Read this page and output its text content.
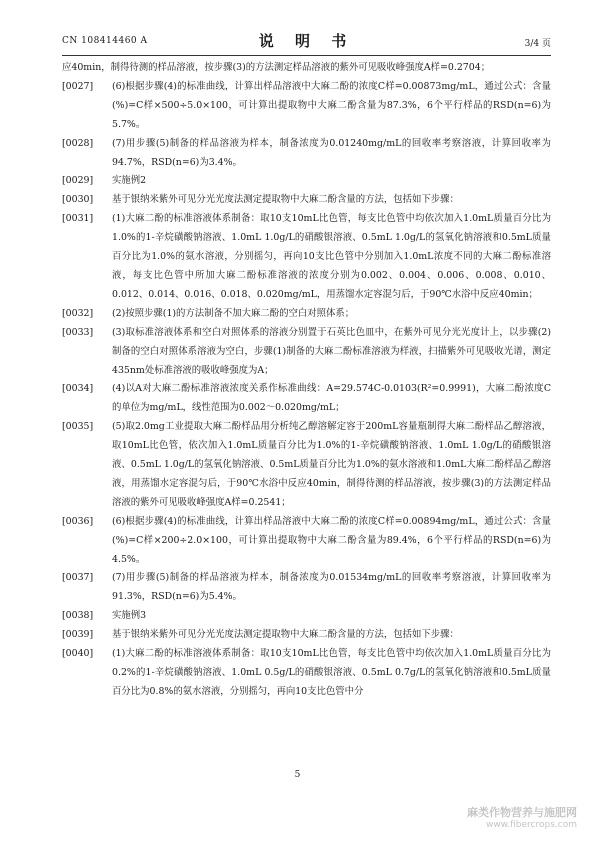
CN 108414460 A	说 明 书	3/4 页
应40min，制得待测的样品溶液，按步骤(3)的方法测定样品溶液的紫外可见吸收峰强度A样=0.2704；
[0027] (6)根据步骤(4)的标准曲线，计算出样品溶液中大麻二酚的浓度C样=0.00873mg/mL，通过公式：含量(%)=C样×500÷5.0×100，可计算出提取物中大麻二酚含量为87.3%，6个平行样品的RSD(n=6)为5.7%。
[0028] (7)用步骤(5)制备的样品溶液为样本，制备浓度为0.01240mg/mL的回收率考察溶液，计算回收率为94.7%，RSD(n=6)为3.4%。
[0029] 实施例2
[0030] 基于银纳米紫外可见分光光度法测定提取物中大麻二酚含量的方法，包括如下步骤：
[0031] (1)大麻二酚的标准溶液体系制备：取10支10mL比色管，每支比色管中均依次加入1.0mL质量百分比为1.0%的1-辛烷磺酸钠溶液、1.0mL 1.0g/L的硝酸银溶液、0.5mL 1.0g/L的氢氧化钠溶液和0.5mL质量百分比为1.0%的氨水溶液，分别摇匀，再向10支比色管中分别加入1.0mL浓度不同的大麻二酚标准溶液，每支比色管中所加大麻二酚标准溶液的浓度分别为0.002、0.004、0.006、0.008、0.010、0.012、0.014、0.016、0.018、0.020mg/mL，用蒸馏水定容混匀后，于90℃水浴中反应40min；
[0032] (2)按照步骤(1)的方法制备不加大麻二酚的空白对照体系；
[0033] (3)取标准溶液体系和空白对照体系的溶液分别置于石英比色皿中，在紫外可见分光光度计上，以步骤(2)制备的空白对照体系溶液为空白，步骤(1)制备的大麻二酚标准溶液为样液，扫描紫外可见吸收光谱，测定435nm处标准溶液的吸收峰强度为A；
[0034] (4)以A对大麻二酚标准溶液浓度关系作标准曲线：A=29.574C-0.0103(R²=0.9991)，大麻二酚浓度C的单位为mg/mL，线性范围为0.002～0.020mg/mL；
[0035] (5)取2.0mg工业提取大麻二酚样品用分析纯乙醇溶解定容于200mL容量瓶制得大麻二酚样品乙醇溶液，取10mL比色管，依次加入1.0mL质量百分比为1.0%的1-辛烷磺酸钠溶液、1.0mL 1.0g/L的硝酸银溶液、0.5mL 1.0g/L的氢氧化钠溶液、0.5mL质量百分比为1.0%的氨水溶液和1.0mL大麻二酚样品乙醇溶液，用蒸馏水定容混匀后，于90℃水浴中反应40min，制得待测的样品溶液，按步骤(3)的方法测定样品溶液的紫外可见吸收峰强度A样=0.2541；
[0036] (6)根据步骤(4)的标准曲线，计算出样品溶液中大麻二酚的浓度C样=0.00894mg/mL，通过公式：含量(%)=C样×200÷2.0×100，可计算出提取物中大麻二酚含量为89.4%，6个平行样品的RSD(n=6)为4.5%。
[0037] (7)用步骤(5)制备的样品溶液为样本，制备浓度为0.01534mg/mL的回收率考察溶液，计算回收率为91.3%，RSD(n=6)为5.4%。
[0038] 实施例3
[0039] 基于银纳米紫外可见分光光度法测定提取物中大麻二酚含量的方法，包括如下步骤：
[0040] (1)大麻二酚的标准溶液体系制备：取10支10mL比色管，每支比色管中均依次加入1.0mL质量百分比为0.2%的1-辛烷磺酸钠溶液、1.0mL 0.5g/L的硝酸银溶液、0.5mL 0.7g/L的氢氧化钠溶液和0.5mL质量百分比为0.8%的氨水溶液，分别摇匀，再向10支比色管中分
5
麻类作物营养与施肥网
www.fibercrops.com
